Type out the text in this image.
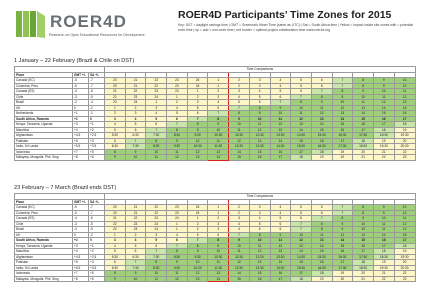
ROER4D
Research on Open Educational Resources for Development
ROER4D Participants’ Time Zones for 2015
Key: DST = daylight savings time | GMT = Greenwich Mean Time (same as UTC) | Sat = South Africa time | Yellow = impact inside site zones with = potential work time | sp = add = non-work time | red border = optimal project collaboration time www.roer4d.org
1 January – 22 February (Brazil & Chile on DST)
			Time Comparisons														
Place	GMT +/-	SA +/-															
Canada (EC)	-5	-7	20	21	22	23	24	1	2	3	4	5	6	7	8	9	10
Colombia, Peru	-5	-7	20	21	22	23	24	1	2	3	4	5	6	7	8	9	10
Canada (ES)	-4	-6	21	22	23	24	1	2	3	4	5	6	7	8	9	10	11
Chile	-3	-5	22	23	24	1	2	3	4	5	6	7	8	9	10	11	12
Brazil	-2	-4	23	24	1	2	3	4	5	6	7	8	9	10	11	12	13
UK	0	-2	1	2	3	4	5	6	7	8	9	10	11	12	13	14	15
Netherlands	+1	-1	2	3	4	5	6	7	8	9	10	11	12	13	14	15	16
South Africa, Rwanda	+2	0	3	4	5	6	7	8	9	10	11	12	13	14	15	16	17
Kenya, Tanzania, Uganda	+3	+1	4	5	6	7	8	9	10	11	12	13	14	15	16	17	18
Mauritius	+4	+2	5	6	7	8	9	10	11	12	13	14	15	16	17	18	19
Afghanistan	+4.5	+2.5	5:30	6:30	7:30	8:30	9:30	10:30	11:30	12:30	13:30	14:30	15:30	16:30	17:30	18:30	19:30
Pakistan	+5	+3	6	7	8	9	10	11	12	13	14	15	16	17	18	19	20
India, Sri Lanka	+5.5	+3.5	6:30	7:30	8:30	9:30	10:30	11:30	12:30	13:30	14:30	15:30	16:30	17:30	18:30	19:30	20:30
Indonesia	+7	+5	8	9	10	11	12	13	14	15	16	17	18	19	20	21	22
Malaysia, Mongolia, Phil, Sing	+8	+6	9	10	11	12	13	14	15	16	17	18	19	20	21	22	23
23 February – 7 March (Brazil ends DST)
			Time Comparisons														
Place	GMT +/-	SA +/-															
Canada (EC)	-5	-7	20	21	22	23	24	1	2	3	4	5	6	7	8	9	10
Colombia, Peru	-5	-7	20	21	22	23	24	1	2	3	4	5	6	7	8	9	10
Canada (ES)	-4	-6	21	22	23	24	1	2	3	4	5	6	7	8	9	10	11
Chile	-3	-5	22	23	24	1	2	3	4	5	6	7	8	9	10	11	12
Brazil	-3	-5	22	23	24	1	2	3	4	5	6	7	8	9	10	11	12
UK	0	-2	1	2	3	4	5	6	7	8	9	10	11	12	13	14	15
South Africa, Rwanda	+2	0	3	4	5	6	7	8	9	10	11	12	13	14	15	16	17
Kenya, Tanzania, Uganda	+3	+1	4	5	6	7	8	9	10	11	12	13	14	15	16	17	18
Mauritius	+4	+2	5	6	7	8	9	10	11	12	13	14	15	16	17	18	19
Afghanistan	+4.5	+2.5	5:30	6:30	7:30	8:30	9:30	10:30	11:30	12:30	13:30	14:30	15:30	16:30	17:30	18:30	19:30
Pakistan	+5	+3	6	7	8	9	10	11	12	13	14	15	16	17	18	19	20
India, Sri Lanka	+5.5	+3.5	6:30	7:30	8:30	9:30	10:30	11:30	12:30	13:30	14:30	15:30	16:30	17:30	18:30	19:30	20:30
Indonesia	+7	+5	8	9	10	11	12	13	14	15	16	17	18	19	20	21	22
Malaysia, Mongolia, Phil, Sing	+8	+6	9	10	11	12	13	14	15	16	17	18	19	20	21	22	23
